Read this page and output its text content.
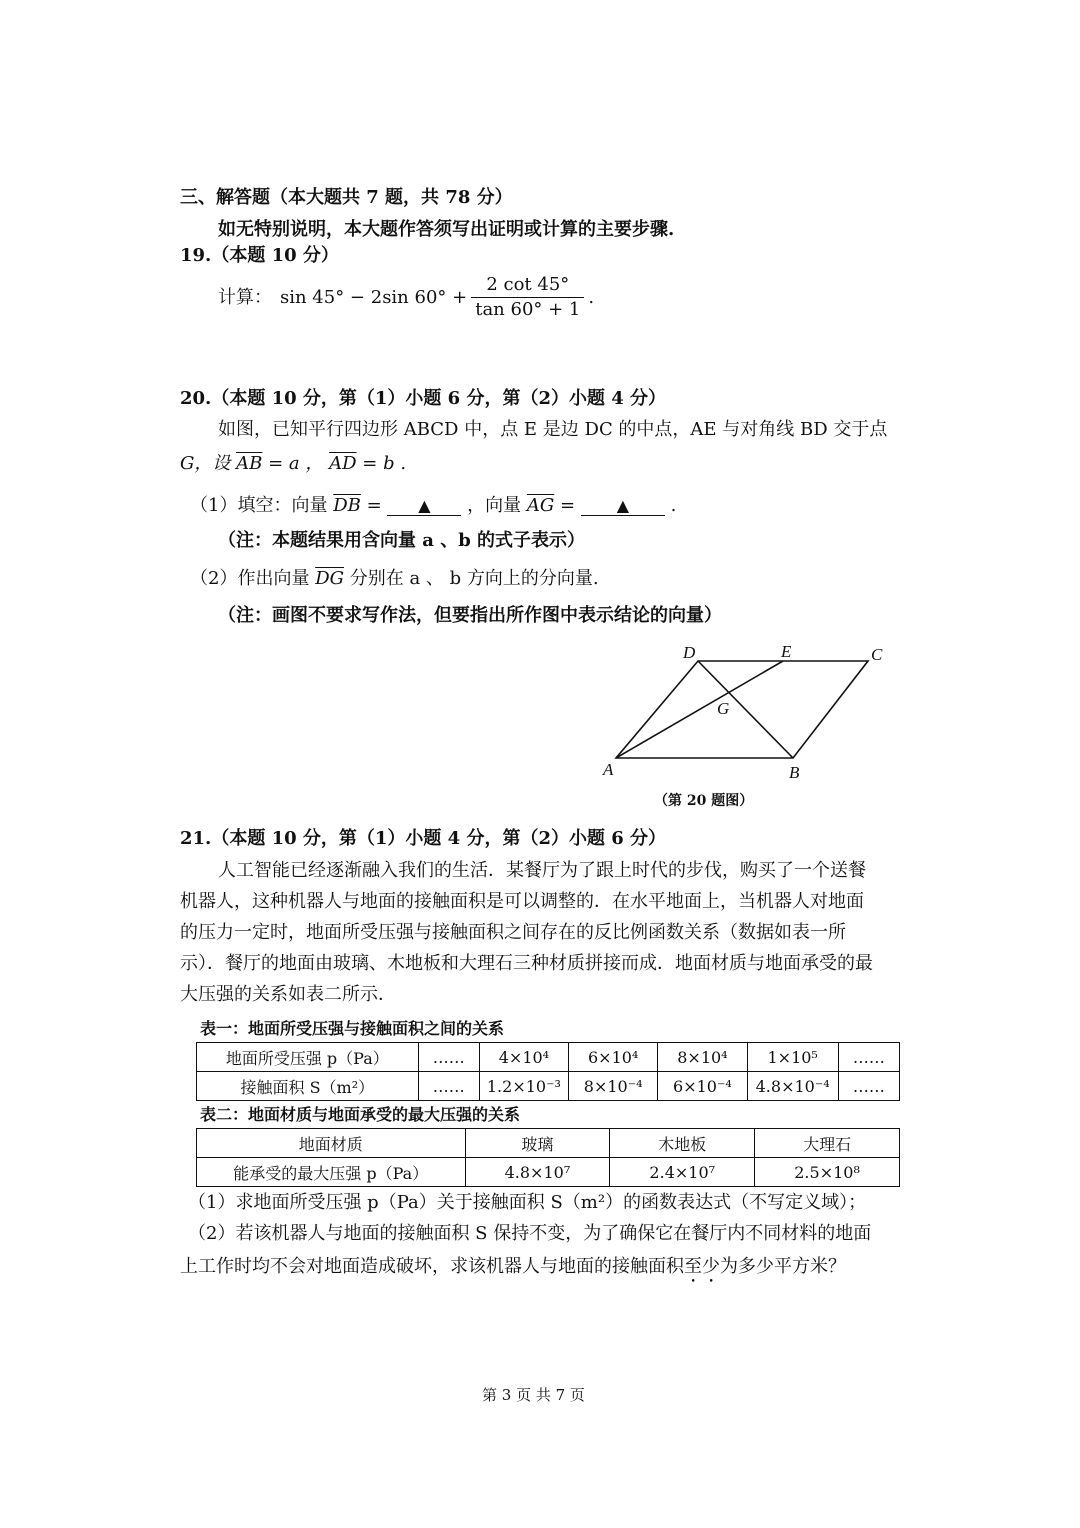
三、解答题（本大题共 7 题，共 78 分）
如无特别说明，本大题作答须写出证明或计算的主要步骤.
19.（本题 10 分）
计算： sin 45° − 2sin $60^\circ + \frac{2 \cot 45^\circ}{\tan 60^\circ + 1}$ .
20.（本题 10 分，第（1）小题 6 分，第（2）小题 4 分）
如图，已知平行四边形 ABCD 中，点 E 是边 DC 的中点，AE 与对角线 BD 交于点
G，设 $\overline{AB} = a$ ， $\overline{AD} = b$ .
（1）填空：向量 $\overline{DB}$ = ▲ ，向量 $\overline{AG}$ =	▲ .
（注：本题结果用含向量 a 、b 的式子表示）
（2）作出向量 $\overline{DG}$ 分别在 a 、 b 方向上的分向量.
（注：画图不要求写作法，但要指出所作图中表示结论的向量）
D	E	C
G
A	B
（第 20 题图）
21.（本题 10 分，第（1）小题 4 分，第（2）小题 6 分）
人工智能已经逐渐融入我们的生活．某餐厅为了跟上时代的步伐，购买了一个送餐
机器人，这种机器人与地面的接触面积是可以调整的．在水平地面上，当机器人对地面
的压力一定时，地面所受压强与接触面积之间存在的反比例函数关系（数据如表一所
示）．餐厅的地面由玻璃、木地板和大理石三种材质拼接而成．地面材质与地面承受的最
大压强的关系如表二所示．
表一：地面所受压强与接触面积之间的关系
地面所受压强 p（Pa）	……	4×10⁴	6×10⁴	8×10⁴	1×10⁵	……
接触面积 S（m²）	……	1.2×10⁻³	8×10⁻⁴	6×10⁻⁴	4.8×10⁻⁴	……
表二：地面材质与地面承受的最大压强的关系
地面材质	玻璃	木地板	大理石
能承受的最大压强 p（Pa）	4.8×10⁷	2.4×10⁷	2.5×10⁸
（1）求地面所受压强 p（Pa）关于接触面积 S（m²）的函数表达式（不写定义域）；
（2）若该机器人与地面的接触面积 S 保持不变，为了确保它在餐厅内不同材料的地面
上工作时均不会对地面造成破坏，求该机器人与地面的接触面积至少为多少平方米？
第 3 页 共 7 页
